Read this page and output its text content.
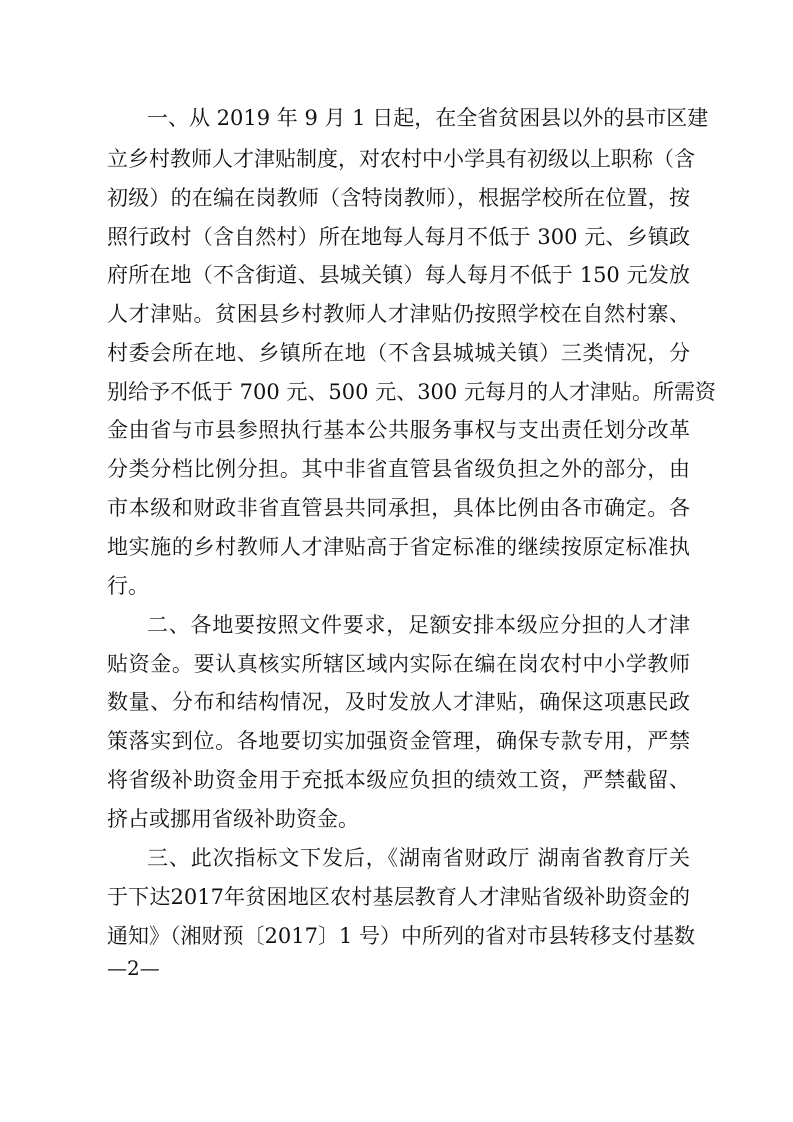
一、从 2019 年 9 月 1 日起，在全省贫困县以外的县市区建
立乡村教师人才津贴制度，对农村中小学具有初级以上职称（含
初级）的在编在岗教师（含特岗教师），根据学校所在位置，按
照行政村（含自然村）所在地每人每月不低于 300 元、乡镇政
府所在地（不含街道、县城关镇）每人每月不低于 150 元发放
人才津贴。贫困县乡村教师人才津贴仍按照学校在自然村寨、
村委会所在地、乡镇所在地（不含县城城关镇）三类情况，分
别给予不低于 700 元、500 元、300 元每月的人才津贴。所需资
金由省与市县参照执行基本公共服务事权与支出责任划分改革
分类分档比例分担。其中非省直管县省级负担之外的部分，由
市本级和财政非省直管县共同承担，具体比例由各市确定。各
地实施的乡村教师人才津贴高于省定标准的继续按原定标准执
行。
二、各地要按照文件要求，足额安排本级应分担的人才津
贴资金。要认真核实所辖区域内实际在编在岗农村中小学教师
数量、分布和结构情况，及时发放人才津贴，确保这项惠民政
策落实到位。各地要切实加强资金管理，确保专款专用，严禁
将省级补助资金用于充抵本级应负担的绩效工资，严禁截留、
挤占或挪用省级补助资金。
三、此次指标文下发后，《湖南省财政厅 湖南省教育厅关
于下达2017年贫困地区农村基层教育人才津贴省级补助资金的
通知》（湘财预〔2017〕1 号）中所列的省对市县转移支付基数
—2—
